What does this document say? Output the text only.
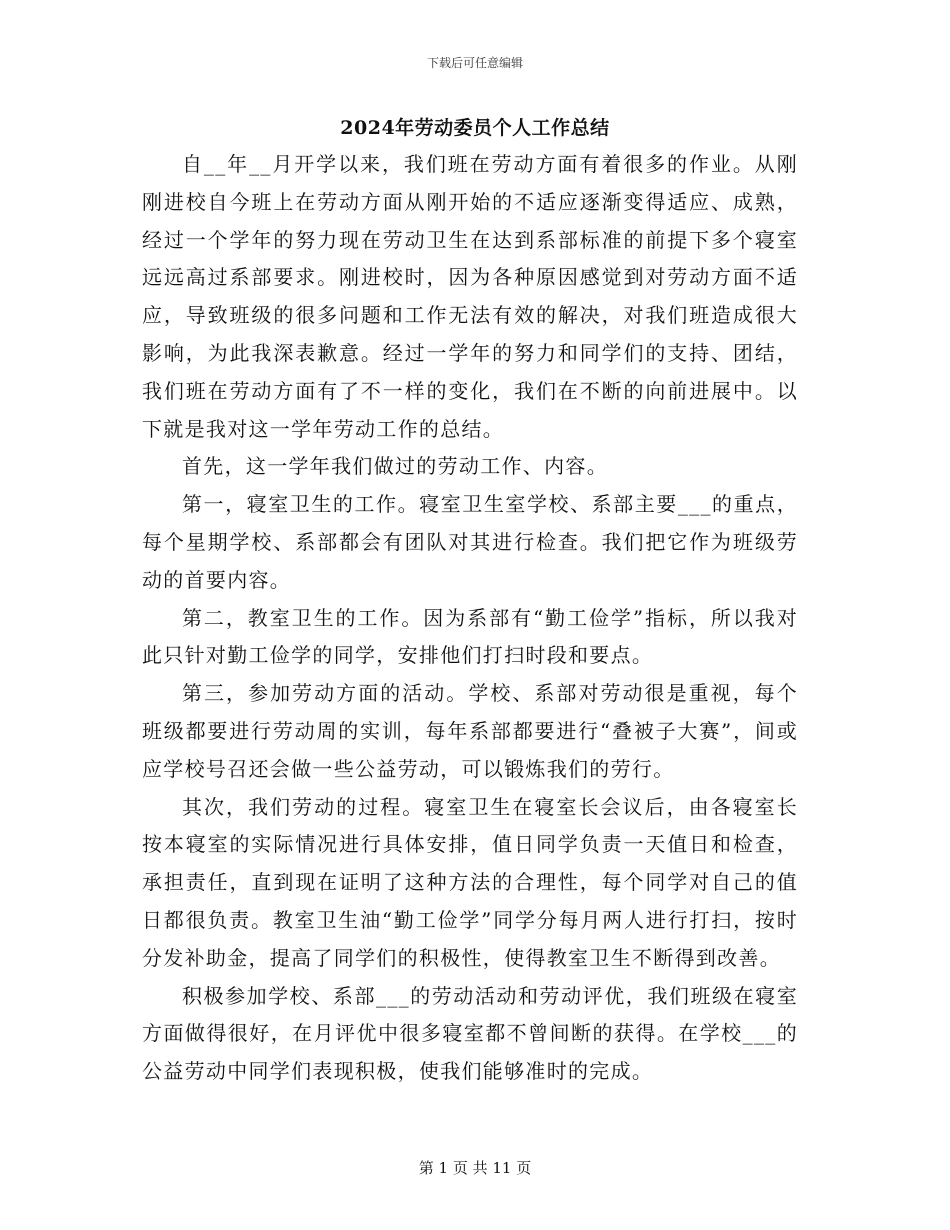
下载后可任意编辑
2024年劳动委员个人工作总结

自__年__月开学以来，我们班在劳动方面有着很多的作业。从刚刚进校自今班上在劳动方面从刚开始的不适应逐渐变得适应、成熟，经过一个学年的努力现在劳动卫生在达到系部标准的前提下多个寝室远远高过系部要求。刚进校时，因为各种原因感觉到对劳动方面不适应，导致班级的很多问题和工作无法有效的解决，对我们班造成很大影响，为此我深表歉意。经过一学年的努力和同学们的支持、团结，我们班在劳动方面有了不一样的变化，我们在不断的向前进展中。以下就是我对这一学年劳动工作的总结。

首先，这一学年我们做过的劳动工作、内容。

第一，寝室卫生的工作。寝室卫生室学校、系部主要___的重点，每个星期学校、系部都会有团队对其进行检查。我们把它作为班级劳动的首要内容。

第二，教室卫生的工作。因为系部有“勤工俭学”指标，所以我对此只针对勤工俭学的同学，安排他们打扫时段和要点。

第三，参加劳动方面的活动。学校、系部对劳动很是重视，每个班级都要进行劳动周的实训，每年系部都要进行“叠被子大赛”，间或应学校号召还会做一些公益劳动，可以锻炼我们的劳行。

其次，我们劳动的过程。寝室卫生在寝室长会议后，由各寝室长按本寝室的实际情况进行具体安排，值日同学负责一天值日和检查，承担责任，直到现在证明了这种方法的合理性，每个同学对自己的值日都很负责。教室卫生油“勤工俭学”同学分每月两人进行打扫，按时分发补助金，提高了同学们的积极性，使得教室卫生不断得到改善。

积极参加学校、系部___的劳动活动和劳动评优，我们班级在寝室方面做得很好，在月评优中很多寝室都不曾间断的获得。在学校___的公益劳动中同学们表现积极，使我们能够准时的完成。

第 1 页 共 11 页
